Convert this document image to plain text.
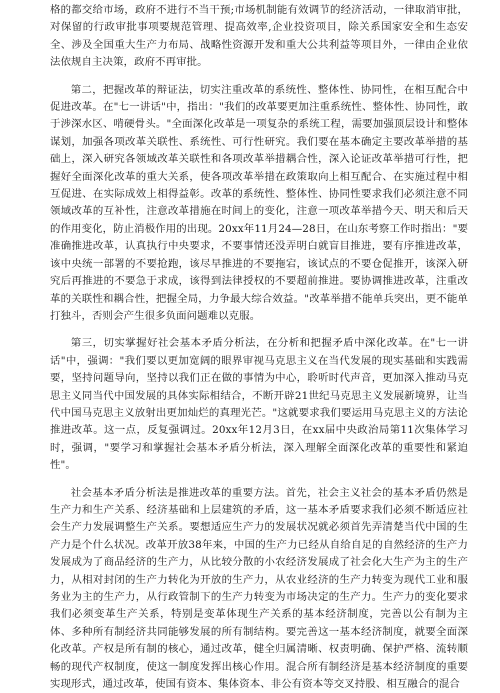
格的都交给市场，政府不进行不当干预;市场机制能有效调节的经济活动，一律取消审批，对保留的行政审批事项要规范管理、提高效率,企业投资项目，除关系国家安全和生态安全、涉及全国重大生产力布局、战略性资源开发和重大公共利益等项目外，一律由企业依法依规自主决策，政府不再审批。

第二，把握改革的辩证法，切实注重改革的系统性、整体性、协同性，在相互配合中促进改革。在"七一讲话"中，指出："我们的改革要更加注重系统性、整体性、协同性，敢于涉深水区、啃硬骨头。"全面深化改革是一项复杂的系统工程，需要加强顶层设计和整体谋划，加强各项改革关联性、系统性、可行性研究。我们要在基本确定主要改革举措的基础上，深入研究各领域改革关联性和各项改革举措耦合性，深入论证改革举措可行性，把握好全面深化改革的重大关系，使各项改革举措在政策取向上相互配合、在实施过程中相互促进、在实际成效上相得益彰。改革的系统性、整体性、协同性要求我们必须注意不同领域改革的互补性，注意改革措施在时间上的变化，注意一项改革举措今天、明天和后天的作用变化，防止消极作用的出现。20xx年11月24—28日，在山东考察工作时指出："要准确推进改革，认真执行中央要求，不要事情还没弄明白就盲目推进，要有序推进改革，该中央统一部署的不要抢跑，该尽早推进的不要拖宕，该试点的不要仓促推开，该深入研究后再推进的不要急于求成，该得到法律授权的不要超前推进。要协调推进改革，注重改革的关联性和耦合性，把握全局，力争最大综合效益。"改革举措不能单兵突出，更不能单打独斗，否则会产生很多负面问题难以克服。

第三，切实掌握好社会基本矛盾分析法，在分析和把握矛盾中深化改革。在"七一讲话"中，强调："我们要以更加宽阔的眼界审视马克思主义在当代发展的现实基础和实践需要，坚持问题导向，坚持以我们正在做的事情为中心，聆听时代声音，更加深入推动马克思主义同当代中国发展的具体实际相结合，不断开辟21世纪马克思主义发展新境界，让当代中国马克思主义放射出更加灿烂的真理光芒。"这就要求我们要运用马克思主义的方法论推进改革。这一点，反复强调过。20xx年12月3日，在xx届中央政治局第11次集体学习时，强调，"要学习和掌握社会基本矛盾分析法，深入理解全面深化改革的重要性和紧迫性"。

社会基本矛盾分析法是推进改革的重要方法。首先，社会主义社会的基本矛盾仍然是生产力和生产关系、经济基础和上层建筑的矛盾，这一基本矛盾要求我们必须不断适应社会生产力发展调整生产关系。要想适应生产力的发展状况就必须首先弄清楚当代中国的生产力是个什么状况。改革开放38年来，中国的生产力已经从自给自足的自然经济的生产力发展成为了商品经济的生产力，从比较分散的小农经济发展成了社会化大生产为主的生产力，从相对封闭的生产力转化为开放的生产力，从农业经济的生产力转变为现代工业和服务业为主的生产力，从行政管制下的生产力转变为市场决定的生产力。生产力的变化要求我们必须变革生产关系，特别是变革体现生产关系的基本经济制度，完善以公有制为主体、多种所有制经济共同能够发展的所有制结构。要完善这一基本经济制度，就要全面深化改革。产权是所有制的核心，通过改革，健全归属清晰、权责明确、保护严格、流转顺畅的现代产权制度，使这一制度发挥出核心作用。混合所有制经济是基本经济制度的重要实现形式，通过改革，使国有资本、集体资本、非公有资本等交叉持股、相互融合的混合
